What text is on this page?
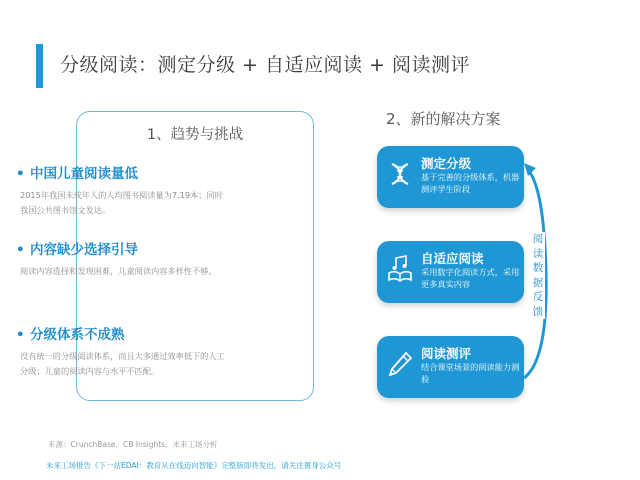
分级阅读：测定分级 + 自适应阅读 + 阅读测评
1、趋势与挑战
• 中国儿童阅读量低
2015年我国未成年人的人均图书阅读量为7.19本；同时我国公共图书馆文发达。
• 内容缺少选择引导
阅读内容选择和发现困难，儿童阅读内容多样性不够。
• 分级体系不成熟
没有统一的分级阅读体系，而且大多通过效率低下的人工分级；儿童的阅读内容与水平不匹配。
2、新的解决方案
测定分级
基于完善的分级体系，机器测评学生阶段
自适应阅读
采用数字化阅读方式，采用更多真实内容
阅读测评
结合课堂场景的阅读能力测验
阅
读
数
据
反
馈
来源：CrunchBase，CB Insights，未来工场分析
未来工场报告《下一站EDAI：教育从在线迈向智能》完整版即将发出，请关注置身公众号
